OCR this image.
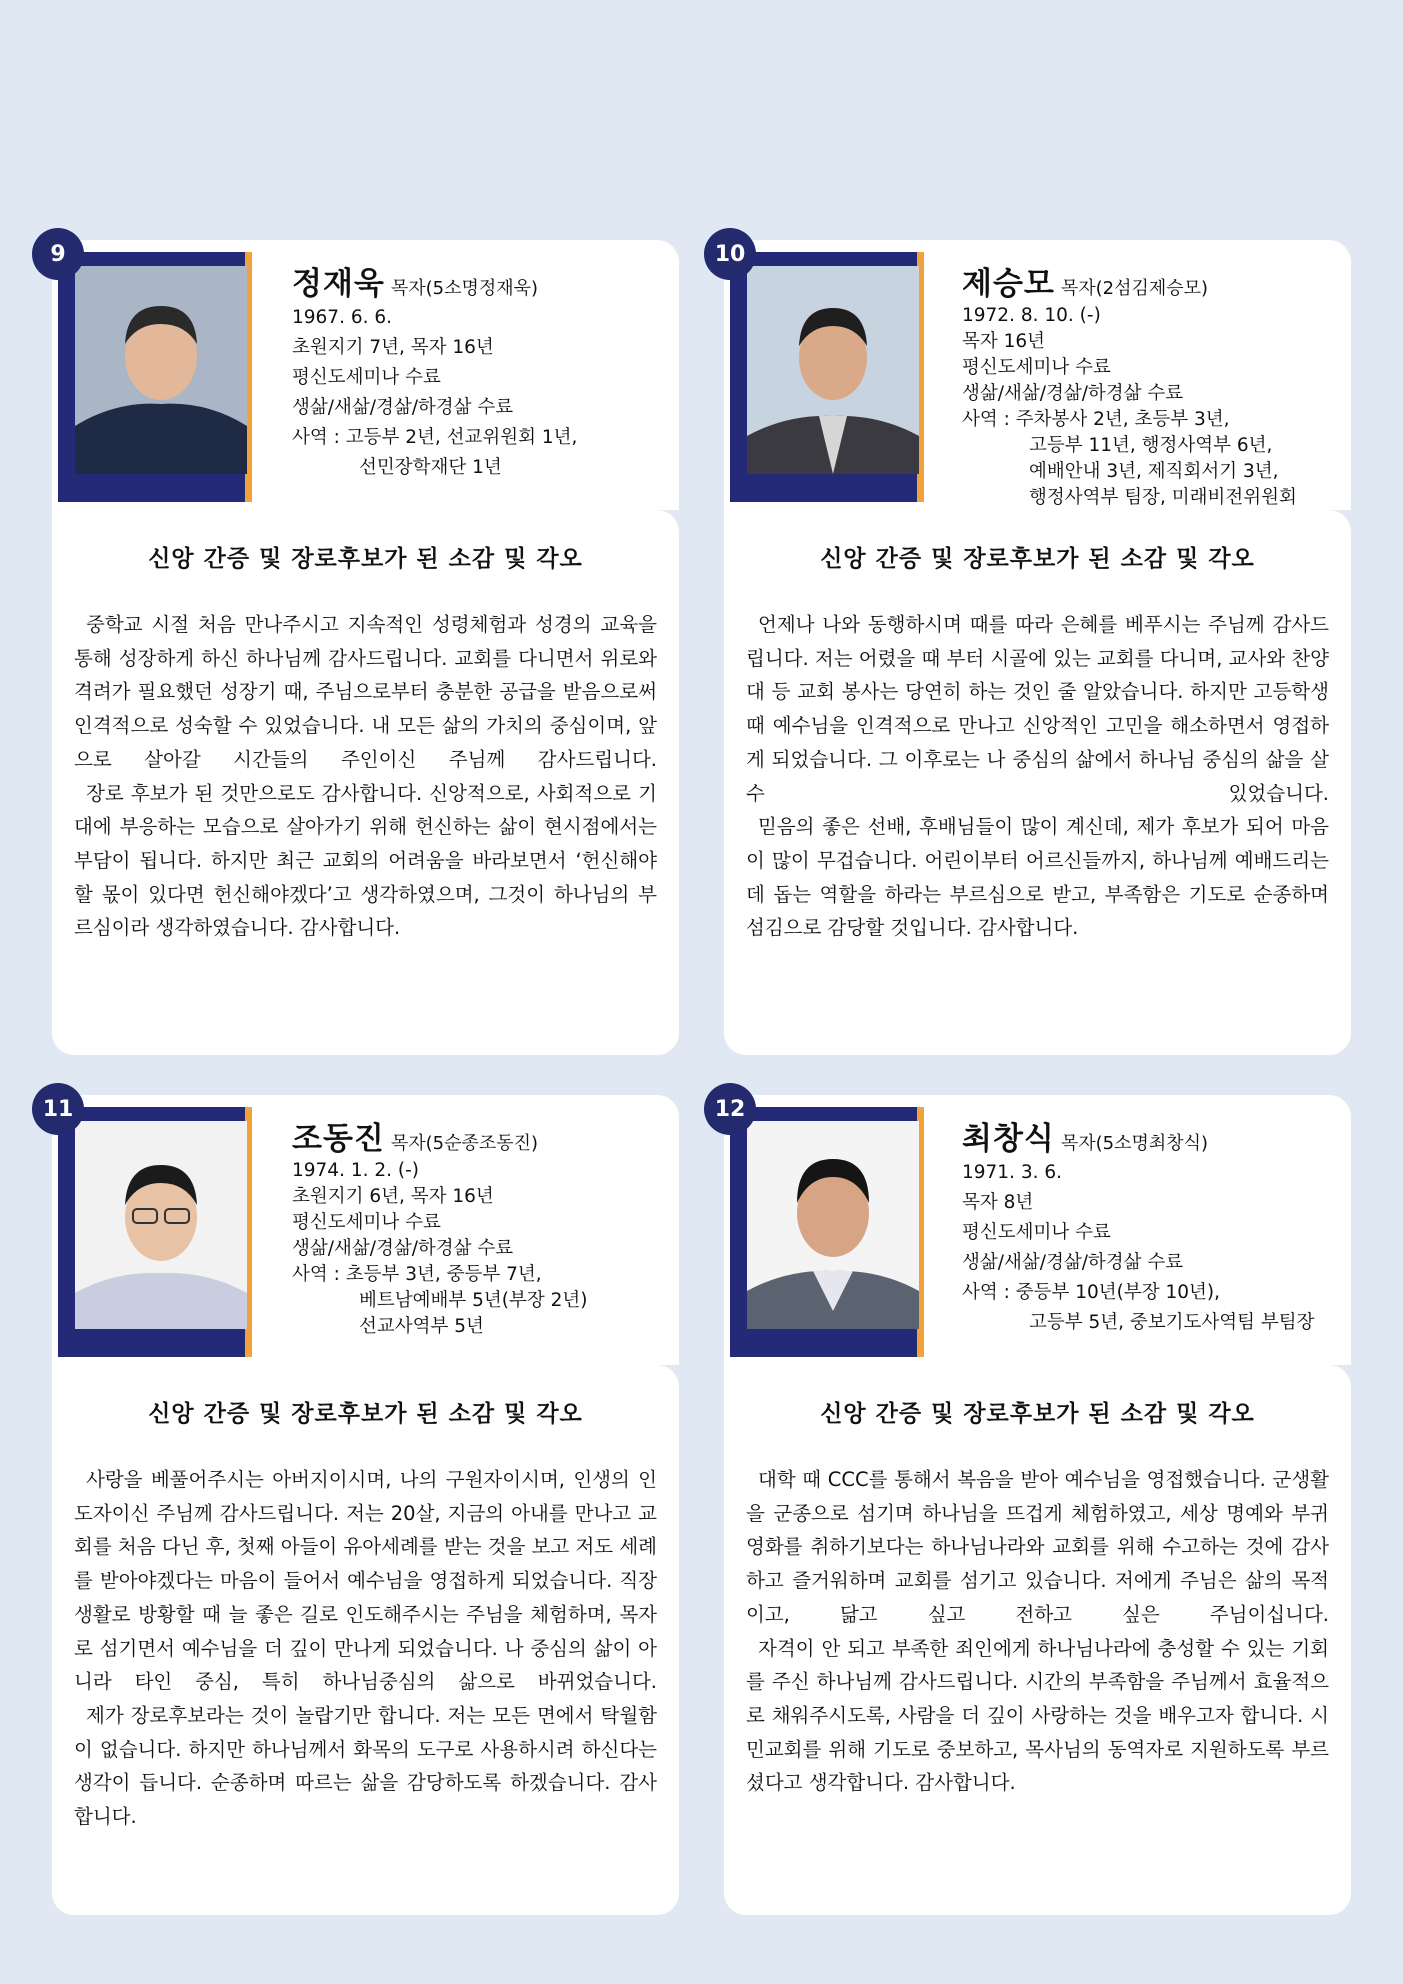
9
정재욱 목자(5소명정재욱)
1967. 6. 6.
초원지기 7년, 목자 16년
평신도세미나 수료
생삶/새삶/경삶/하경삶 수료
사역 : 고등부 2년, 선교위원회 1년,
선민장학재단 1년
신앙 간증 및 장로후보가 된 소감 및 각오

중학교 시절 처음 만나주시고 지속적인 성령체험과 성경의 교육을 통해 성장하게 하신 하나님께 감사드립니다. 교회를 다니면서 위로와 격려가 필요했던 성장기 때, 주님으로부터 충분한 공급을 받음으로써 인격적으로 성숙할 수 있었습니다. 내 모든 삶의 가치의 중심이며, 앞으로 살아갈 시간들의 주인이신 주님께 감사드립니다.

장로 후보가 된 것만으로도 감사합니다. 신앙적으로, 사회적으로 기대에 부응하는 모습으로 살아가기 위해 헌신하는 삶이 현시점에서는 부담이 됩니다. 하지만 최근 교회의 어려움을 바라보면서 ‘헌신해야 할 몫이 있다면 헌신해야겠다’고 생각하였으며, 그것이 하나님의 부르심이라 생각하였습니다. 감사합니다.

10
제승모 목자(2섬김제승모)
1972. 8. 10. (-)
목자 16년
평신도세미나 수료
생삶/새삶/경삶/하경삶 수료
사역 : 주차봉사 2년, 초등부 3년,
고등부 11년, 행정사역부 6년,
예배안내 3년, 제직회서기 3년,
행정사역부 팀장, 미래비전위원회
신앙 간증 및 장로후보가 된 소감 및 각오

언제나 나와 동행하시며 때를 따라 은혜를 베푸시는 주님께 감사드립니다. 저는 어렸을 때 부터 시골에 있는 교회를 다니며, 교사와 찬양대 등 교회 봉사는 당연히 하는 것인 줄 알았습니다. 하지만 고등학생 때 예수님을 인격적으로 만나고 신앙적인 고민을 해소하면서 영접하게 되었습니다. 그 이후로는 나 중심의 삶에서 하나님 중심의 삶을 살 수 있었습니다.

믿음의 좋은 선배, 후배님들이 많이 계신데, 제가 후보가 되어 마음이 많이 무겁습니다. 어린이부터 어르신들까지, 하나님께 예배드리는 데 돕는 역할을 하라는 부르심으로 받고, 부족함은 기도로 순종하며 섬김으로 감당할 것입니다. 감사합니다.

11
조동진 목자(5순종조동진)
1974. 1. 2. (-)
초원지기 6년, 목자 16년
평신도세미나 수료
생삶/새삶/경삶/하경삶 수료
사역 : 초등부 3년, 중등부 7년,
베트남예배부 5년(부장 2년)
선교사역부 5년
신앙 간증 및 장로후보가 된 소감 및 각오

사랑을 베풀어주시는 아버지이시며, 나의 구원자이시며, 인생의 인도자이신 주님께 감사드립니다. 저는 20살, 지금의 아내를 만나고 교회를 처음 다닌 후, 첫째 아들이 유아세례를 받는 것을 보고 저도 세례를 받아야겠다는 마음이 들어서 예수님을 영접하게 되었습니다. 직장생활로 방황할 때 늘 좋은 길로 인도해주시는 주님을 체험하며, 목자로 섬기면서 예수님을 더 깊이 만나게 되었습니다. 나 중심의 삶이 아니라 타인 중심, 특히 하나님중심의 삶으로 바뀌었습니다.

제가 장로후보라는 것이 놀랍기만 합니다. 저는 모든 면에서 탁월함이 없습니다. 하지만 하나님께서 화목의 도구로 사용하시려 하신다는 생각이 듭니다. 순종하며 따르는 삶을 감당하도록 하겠습니다. 감사합니다.

12
최창식 목자(5소명최창식)
1971. 3. 6.
목자 8년
평신도세미나 수료
생삶/새삶/경삶/하경삶 수료
사역 : 중등부 10년(부장 10년),
고등부 5년, 중보기도사역팀 부팀장
신앙 간증 및 장로후보가 된 소감 및 각오

대학 때 CCC를 통해서 복음을 받아 예수님을 영접했습니다. 군생활을 군종으로 섬기며 하나님을 뜨겁게 체험하였고, 세상 명예와 부귀영화를 취하기보다는 하나님나라와 교회를 위해 수고하는 것에 감사하고 즐거워하며 교회를 섬기고 있습니다. 저에게 주님은 삶의 목적이고, 닮고 싶고 전하고 싶은 주님이십니다.

자격이 안 되고 부족한 죄인에게 하나님나라에 충성할 수 있는 기회를 주신 하나님께 감사드립니다. 시간의 부족함을 주님께서 효율적으로 채워주시도록, 사람을 더 깊이 사랑하는 것을 배우고자 합니다. 시민교회를 위해 기도로 중보하고, 목사님의 동역자로 지원하도록 부르셨다고 생각합니다. 감사합니다.
